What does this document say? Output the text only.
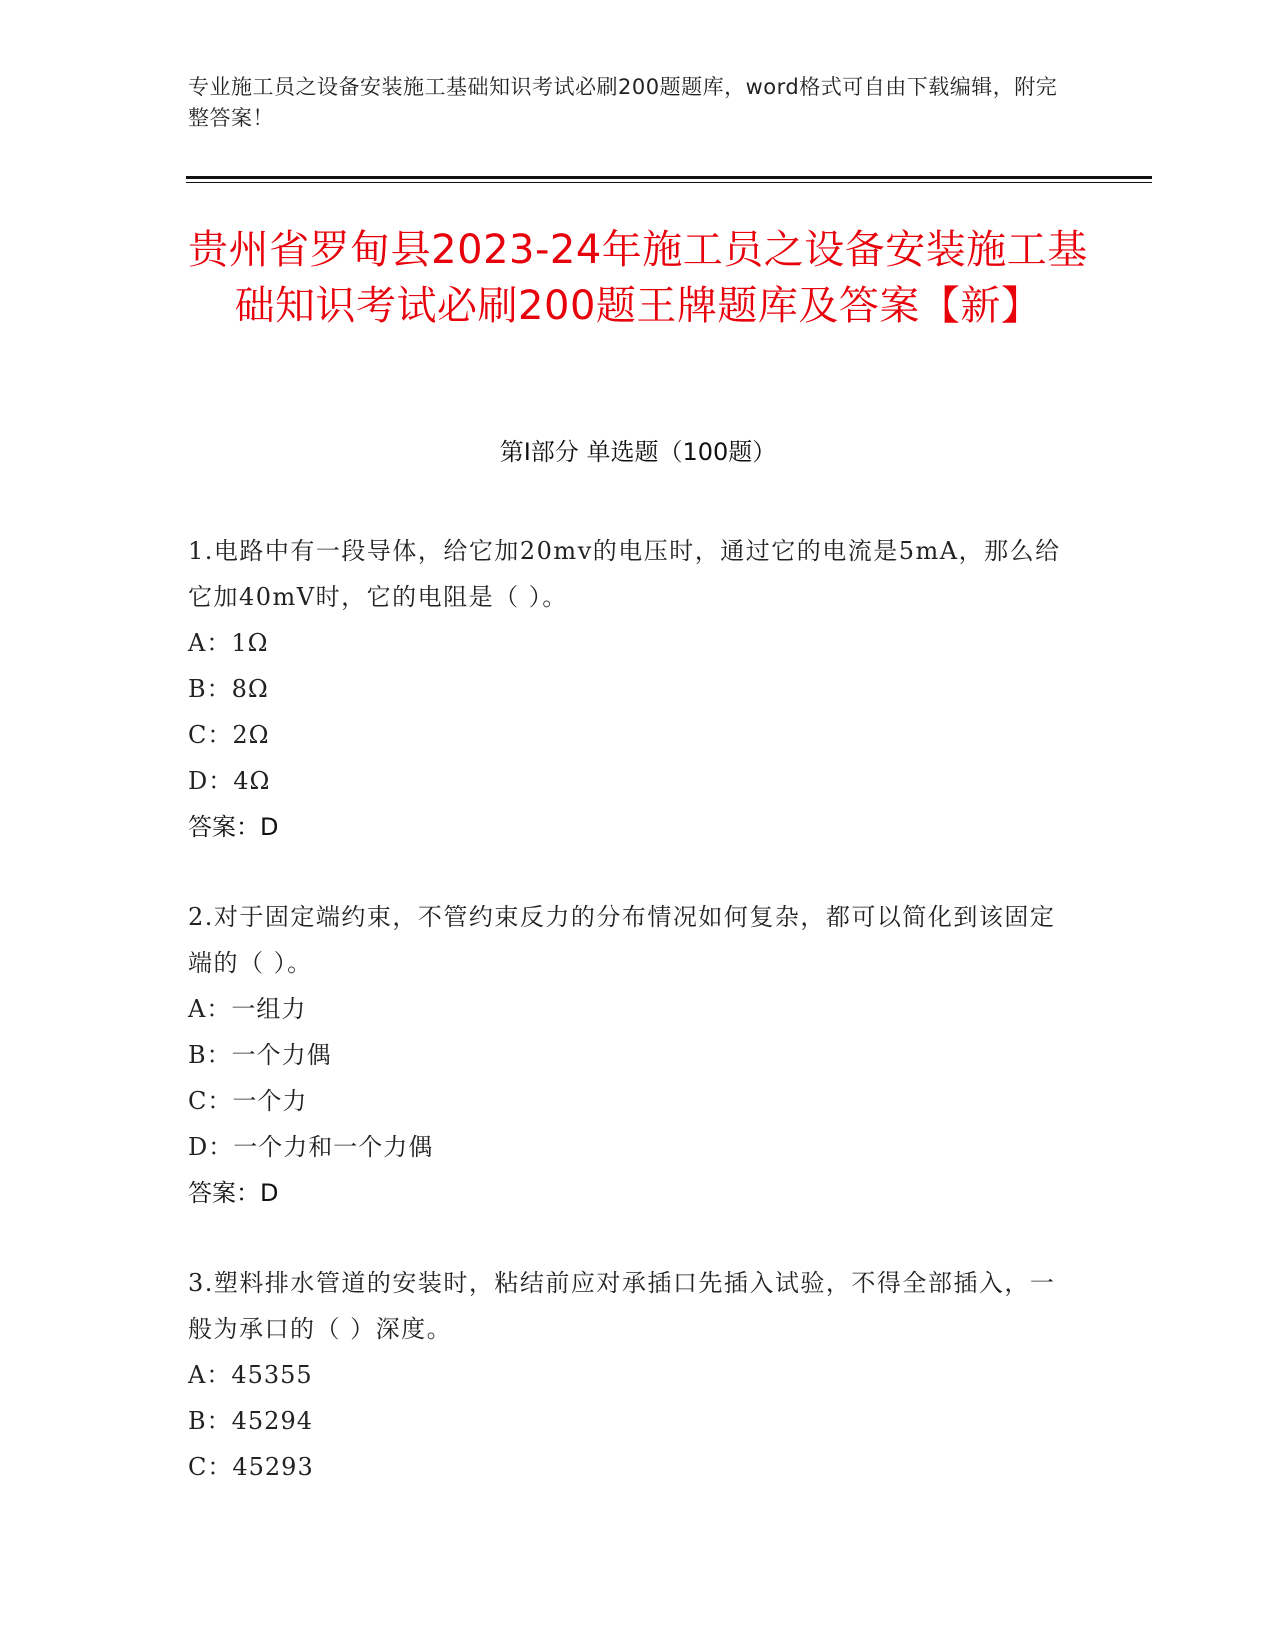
专业施工员之设备安装施工基础知识考试必刷200题题库，word格式可自由下载编辑，附完整答案！
贵州省罗甸县2023-24年施工员之设备安装施工基础知识考试必刷200题王牌题库及答案【新】
第Ⅰ部分 单选题（100题）

1.电路中有一段导体，给它加20mv的电压时，通过它的电流是5mA，那么给它加40mV时，它的电阻是（ ）。

A：1Ω

B：8Ω

C：2Ω

D：4Ω

答案：D

2.对于固定端约束，不管约束反力的分布情况如何复杂，都可以简化到该固定端的（ ）。

A：一组力

B：一个力偶

C：一个力

D：一个力和一个力偶

答案：D

3.塑料排水管道的安装时，粘结前应对承插口先插入试验，不得全部插入，一般为承口的（ ）深度。

A：45355

B：45294

C：45293
